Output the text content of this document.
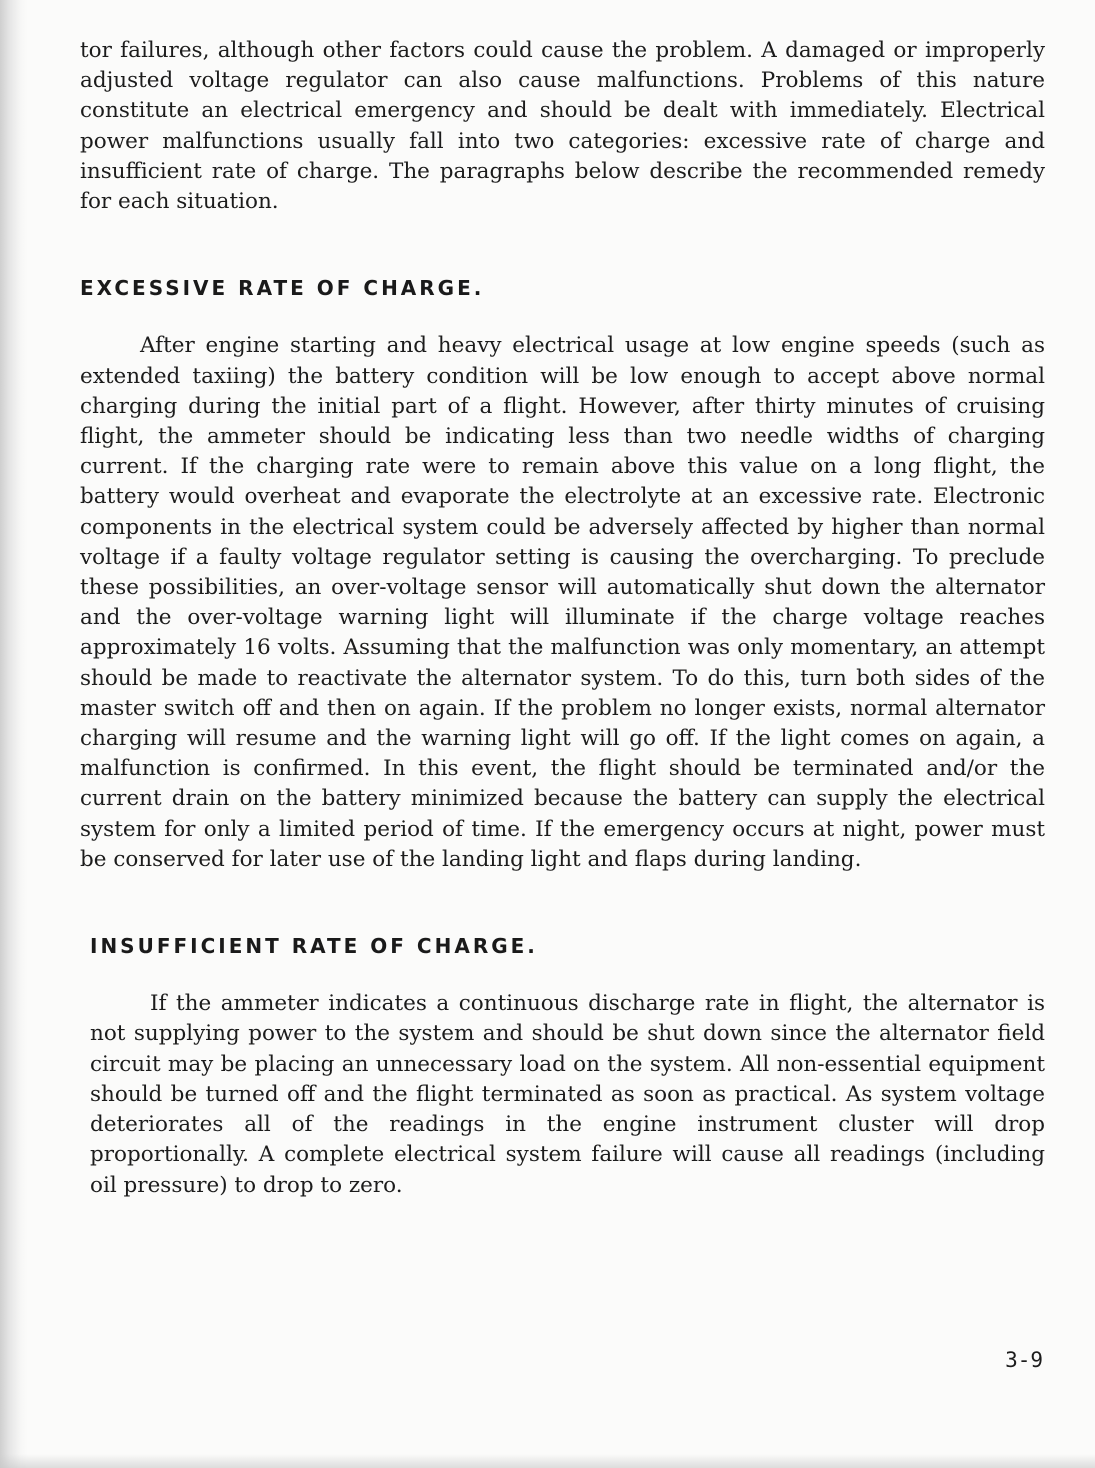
tor failures, although other factors could cause the problem. A damaged or improperly adjusted voltage regulator can also cause malfunctions. Problems of this nature constitute an electrical emergency and should be dealt with immediately. Electrical power malfunctions usually fall into two categories: excessive rate of charge and insufficient rate of charge. The paragraphs below describe the recommended remedy for each situation.

EXCESSIVE RATE OF CHARGE.

After engine starting and heavy electrical usage at low engine speeds (such as extended taxiing) the battery condition will be low enough to accept above normal charging during the initial part of a flight. However, after thirty minutes of cruising flight, the ammeter should be indicating less than two needle widths of charging current. If the charging rate were to remain above this value on a long flight, the battery would overheat and evaporate the electrolyte at an excessive rate. Electronic components in the electrical system could be adversely affected by higher than normal voltage if a faulty voltage regulator setting is causing the overcharging. To preclude these possibilities, an over-voltage sensor will automatically shut down the alternator and the over-voltage warning light will illuminate if the charge voltage reaches approximately 16 volts. Assuming that the malfunction was only momentary, an attempt should be made to reactivate the alternator system. To do this, turn both sides of the master switch off and then on again. If the problem no longer exists, normal alternator charging will resume and the warning light will go off. If the light comes on again, a malfunction is confirmed. In this event, the flight should be terminated and/or the current drain on the battery minimized because the battery can supply the electrical system for only a limited period of time. If the emergency occurs at night, power must be conserved for later use of the landing light and flaps during landing.

INSUFFICIENT RATE OF CHARGE.

If the ammeter indicates a continuous discharge rate in flight, the alternator is not supplying power to the system and should be shut down since the alternator field circuit may be placing an unnecessary load on the system. All non-essential equipment should be turned off and the flight terminated as soon as practical. As system voltage deteriorates all of the readings in the engine instrument cluster will drop proportionally. A complete electrical system failure will cause all readings (including oil pressure) to drop to zero.

3-9
